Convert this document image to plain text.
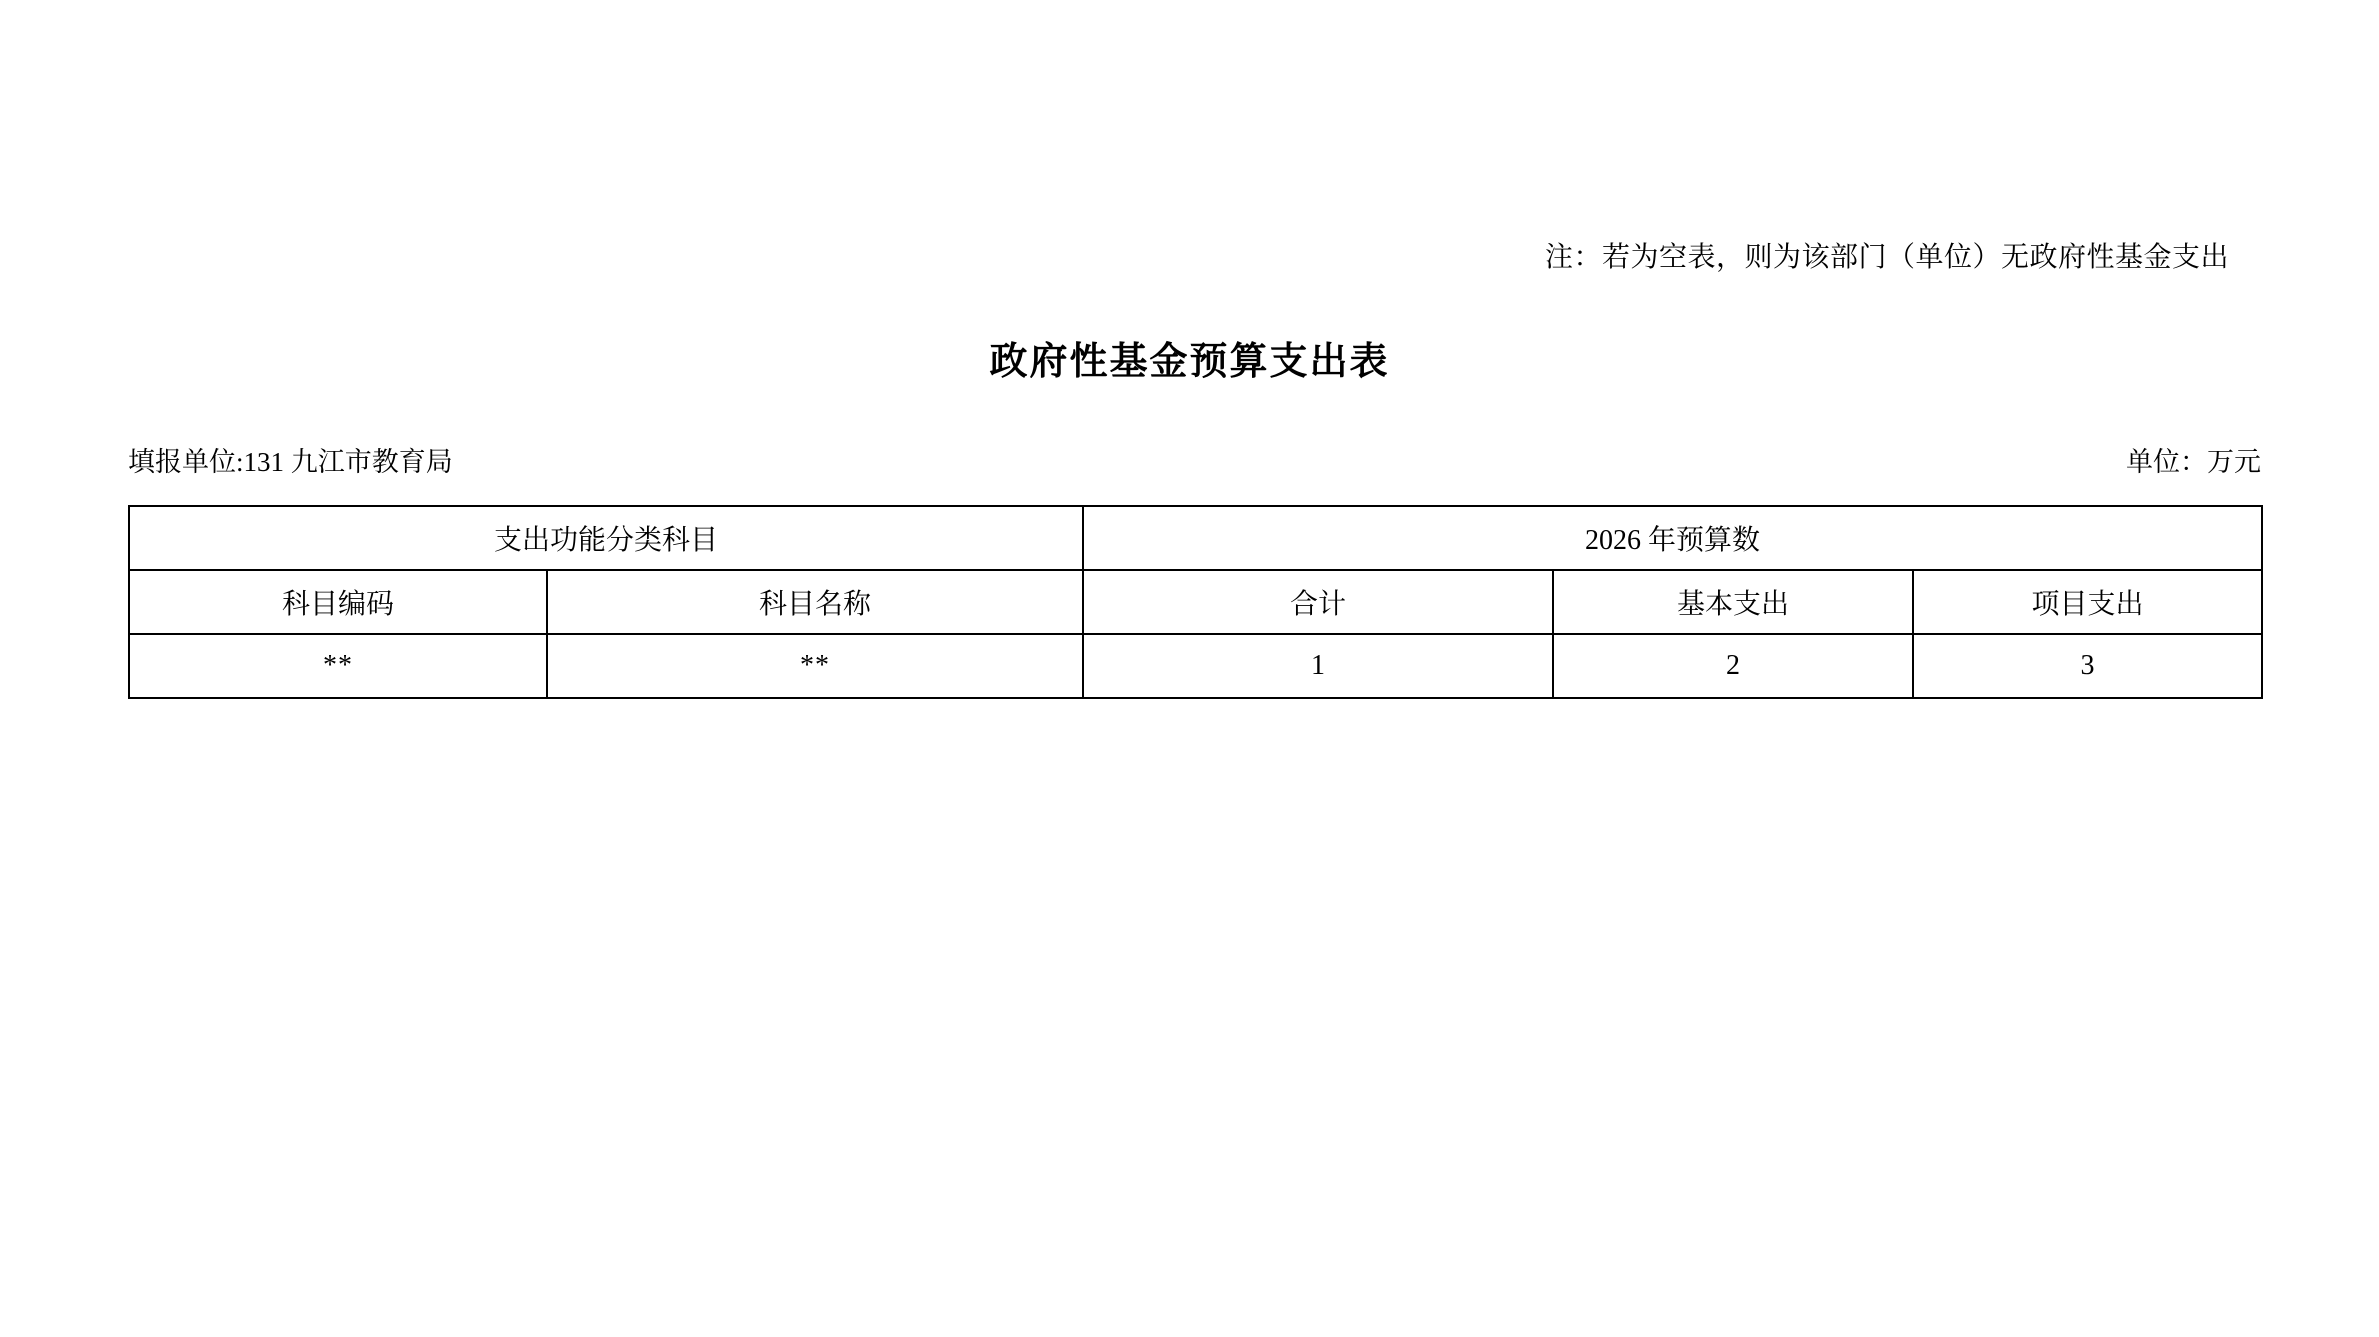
注：若为空表，则为该部门（单位）无政府性基金支出
政府性基金预算支出表
填报单位:131 九江市教育局	单位：万元
支出功能分类科目		2026 年预算数		
科目编码	科目名称	合计	基本支出	项目支出
**	**	1	2	3
